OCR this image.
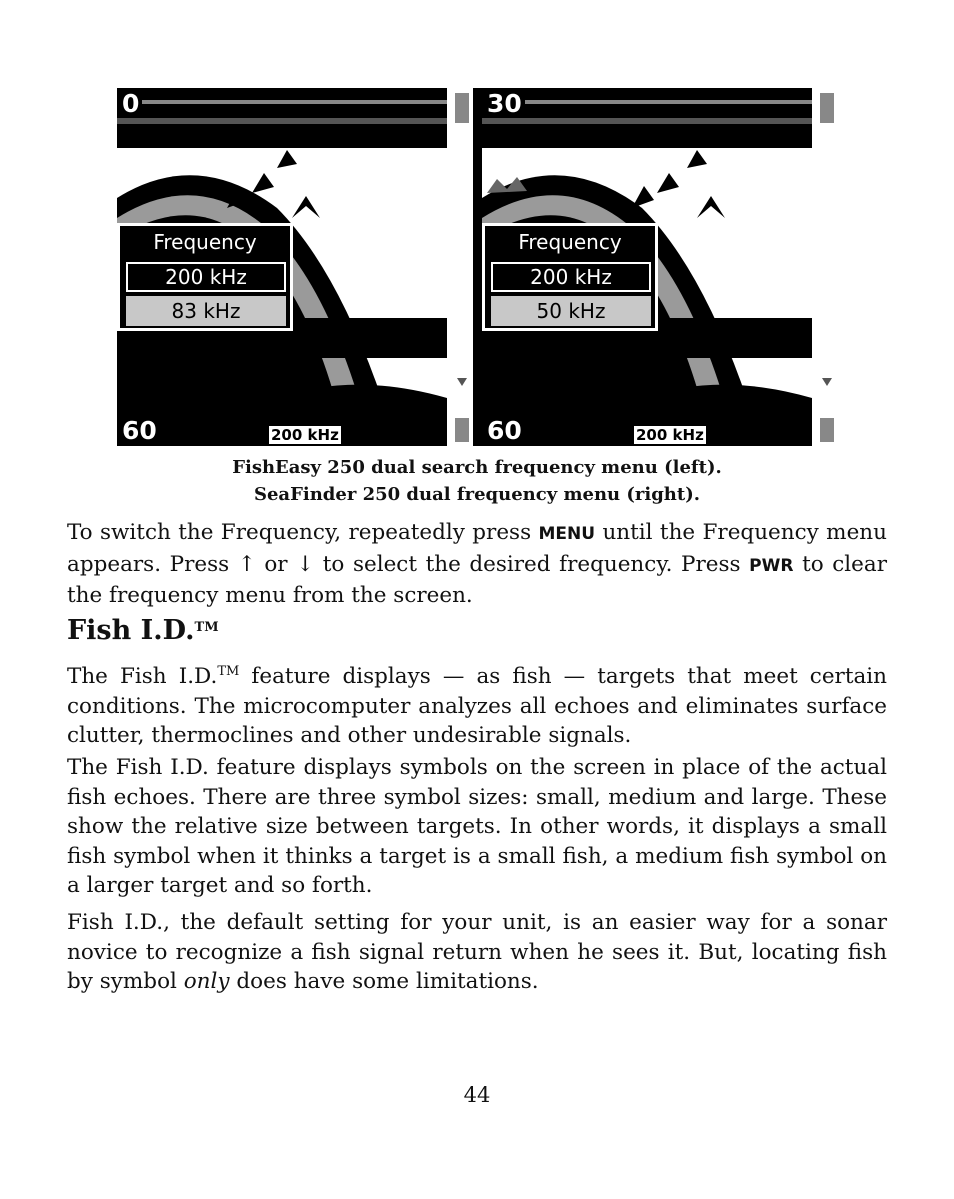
0
60	200 kHz
Frequency
200 kHz
83 kHz
30
60	200 kHz
Frequency
200 kHz
50 kHz
FishEasy 250 dual search frequency menu (left).
SeaFinder 250 dual frequency menu (right).

To switch the Frequency, repeatedly press MENU until the Frequency menu appears. Press ↑ or ↓ to select the desired frequency. Press PWR to clear the frequency menu from the screen.

Fish I.D.™

The Fish I.D.™ feature displays — as fish — targets that meet certain conditions. The microcomputer analyzes all echoes and eliminates surface clutter, thermoclines and other undesirable signals.

The Fish I.D. feature displays symbols on the screen in place of the actual fish echoes. There are three symbol sizes: small, medium and large. These show the relative size between targets. In other words, it displays a small fish symbol when it thinks a target is a small fish, a medium fish symbol on a larger target and so forth.

Fish I.D., the default setting for your unit, is an easier way for a sonar novice to recognize a fish signal return when he sees it. But, locating fish by symbol only does have some limitations.

44
